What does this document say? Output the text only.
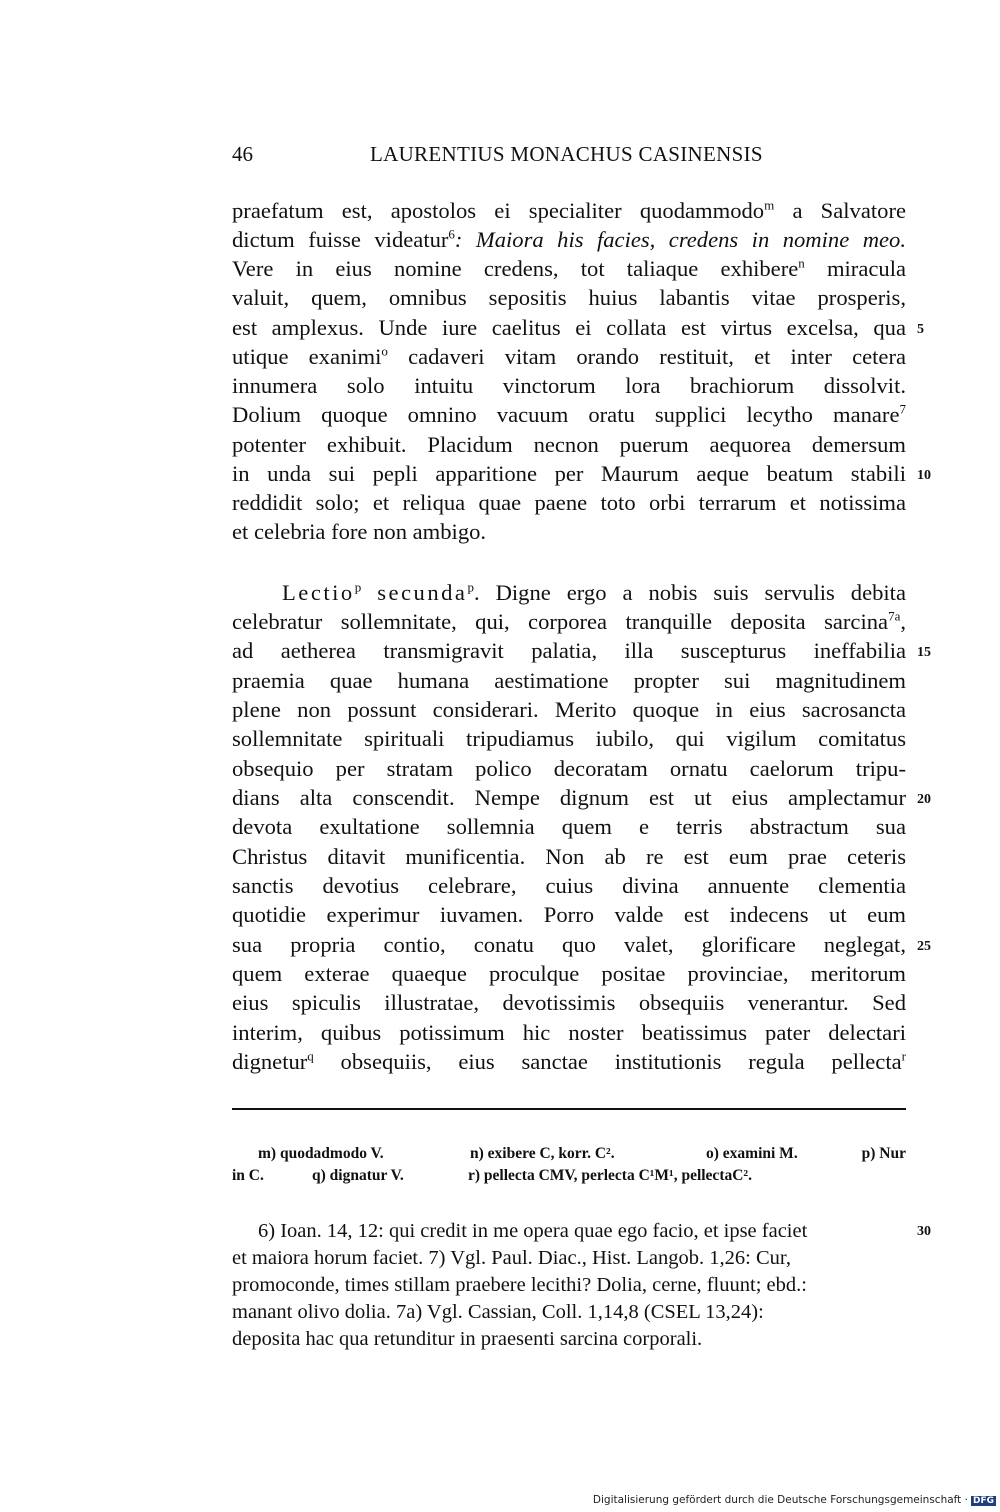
46	LAURENTIUS MONACHUS CASINENSIS
praefatum est, apostolos ei specialiter quodammodo$^m$ a Salvatore
dictum fuisse videatur$^6$: Maiora his facies, credens in nomine meo.
Vere in eius nomine credens, tot taliaque exhibere$^n$ miracula
valuit, quem, omnibus sepositis huius labantis vitae prosperis,
est amplexus. Unde iure caelitus ei collata est virtus excelsa, qua
utique exanimi$^o$ cadaveri vitam orando restituit, et inter cetera
innumera solo intuitu vinctorum lora brachiorum dissolvit.
Dolium quoque omnino vacuum oratu supplici lecytho manare$^7$
potenter exhibuit. Placidum necnon puerum aequorea demersum
in unda sui pepli apparitione per Maurum aeque beatum stabili
reddidit solo; et reliqua quae paene toto orbi terrarum et notissima
et celebria fore non ambigo.
Lectio$^p$ secunda$^p$. Digne ergo a nobis suis servulis debita
celebratur sollemnitate, qui, corporea tranquille deposita sarcina$^{7a}$,
ad aetherea transmigravit palatia, illa suscepturus ineffabilia
praemia quae humana aestimatione propter sui magnitudinem
plene non possunt considerari. Merito quoque in eius sacrosancta
sollemnitate spirituali tripudiamus iubilo, qui vigilum comitatus
obsequio per stratam polico decoratam ornatu caelorum tripu-
dians alta conscendit. Nempe dignum est ut eius amplectamur
devota exultatione sollemnia quem e terris abstractum sua
Christus ditavit munificentia. Non ab re est eum prae ceteris
sanctis devotius celebrare, cuius divina annuente clementia
quotidie experimur iuvamen. Porro valde est indecens ut eum
sua propria contio, conatu quo valet, glorificare neglegat,
quem exterae quaeque proculque positae provinciae, meritorum
eius spiculis illustratae, devotissimis obsequiis venerantur. Sed
interim, quibus potissimum hic noster beatissimus pater delectari
dignetur$^q$ obsequiis, eius sanctae institutionis regula pellecta$^r$
5
10
15
20
25
30
m) quodadmodo V.	n) exibere C, korr. C².	o) examini M.	p) Nur
in C.	q) dignatur V.	r) pellecta CMV, perlecta C¹M¹, pellectaC².
6) Ioan. 14, 12: qui credit in me opera quae ego facio, et ipse faciet
et maiora horum faciet. 7) Vgl. Paul. Diac., Hist. Langob. 1,26: Cur,
promoconde, times stillam praebere lecithi? Dolia, cerne, fluunt; ebd.:
manant olivo dolia. 7a) Vgl. Cassian, Coll. 1,14,8 (CSEL 13,24):
deposita hac qua retunditur in praesenti sarcina corporali.
Digitalisierung gefördert durch die Deutsche Forschungsgemeinschaft · DFG
